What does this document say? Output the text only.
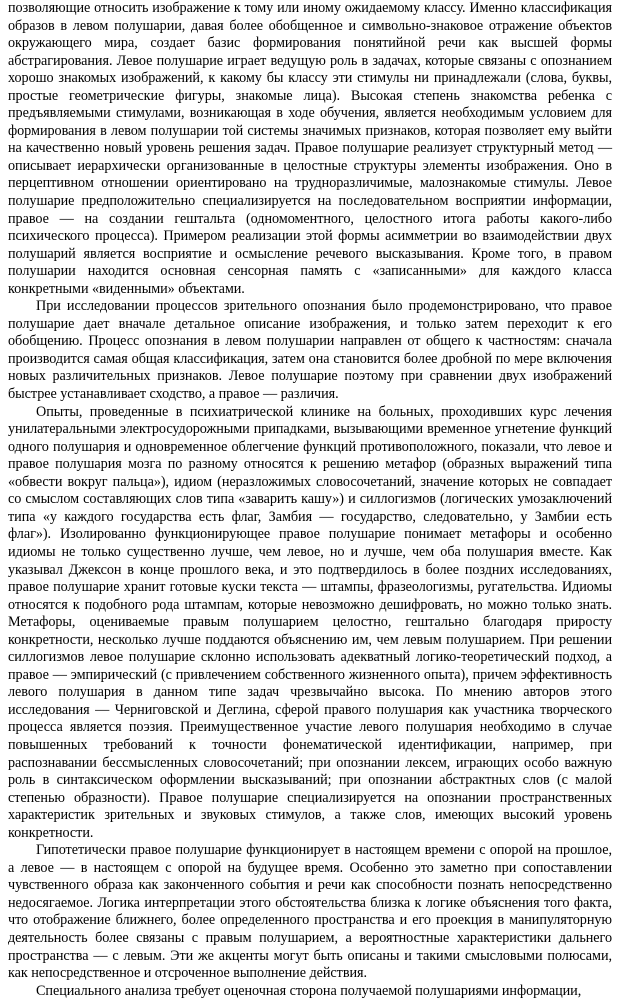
позволяющие относить изображение к тому или иному ожидаемому классу. Именно классификация образов в левом полушарии, давая более обобщенное и символьно-знаковое отражение объектов окружающего мира, создает базис формирования понятийной речи как высшей формы абстрагирования. Левое полушарие играет ведущую роль в задачах, которые связаны с опознанием хорошо знакомых изображений, к какому бы классу эти стимулы ни принадлежали (слова, буквы, простые геометрические фигуры, знакомые лица). Высокая степень знакомства ребенка с предъявляемыми стимулами, возникающая в ходе обучения, является необходимым условием для формирования в левом полушарии той системы значимых признаков, которая позволяет ему выйти на качественно новый уровень решения задач. Правое полушарие реализует структурный метод — описывает иерархически организованные в целостные структуры элементы изображения. Оно в перцептивном отношении ориентировано на трудноразличимые, малознакомые стимулы. Левое полушарие предположительно специализируется на последовательном восприятии информации, правое — на создании гештальта (одномоментного, целостного итога работы какого-либо психического процесса). Примером реализации этой формы асимметрии во взаимодействии двух полушарий является восприятие и осмысление речевого высказывания. Кроме того, в правом полушарии находится основная сенсорная память с «записанными» для каждого класса конкретными «виденными» объектами.

При исследовании процессов зрительного опознания было продемонстрировано, что правое полушарие дает вначале детальное описание изображения, и только затем переходит к его обобщению. Процесс опознания в левом полушарии направлен от общего к частностям: сначала производится самая общая классификация, затем она становится более дробной по мере включения новых различительных признаков. Левое полушарие поэтому при сравнении двух изображений быстрее устанавливает сходство, а правое — различия.

Опыты, проведенные в психиатрической клинике на больных, проходивших курс лечения унилатеральными электросудорожными припадками, вызывающими временное угнетение функций одного полушария и одновременное облегчение функций противоположного, показали, что левое и правое полушария мозга по разному относятся к решению метафор (образных выражений типа «обвести вокруг пальца»), идиом (неразложимых словосочетаний, значение которых не совпадает со смыслом составляющих слов типа «заварить кашу») и силлогизмов (логических умозаключений типа «у каждого государства есть флаг, Замбия — государство, следовательно, у Замбии есть флаг»). Изолированно функционирующее правое полушарие понимает метафоры и особенно идиомы не только существенно лучше, чем левое, но и лучше, чем оба полушария вместе. Как указывал Джексон в конце прошлого века, и это подтвердилось в более поздних исследованиях, правое полушарие хранит готовые куски текста — штампы, фразеологизмы, ругательства. Идиомы относятся к подобного рода штампам, которые невозможно дешифровать, но можно только знать. Метафоры, оцениваемые правым полушарием целостно, гештально благодаря приросту конкретности, несколько лучше поддаются объяснению им, чем левым полушарием. При решении силлогизмов левое полушарие склонно использовать адекватный логико-теоретический подход, а правое — эмпирический (с привлечением собственного жизненного опыта), причем эффективность левого полушария в данном типе задач чрезвычайно высока. По мнению авторов этого исследования — Черниговской и Деглина, сферой правого полушария как участника творческого процесса является поэзия. Преимущественное участие левого полушария необходимо в случае повышенных требований к точности фонематической идентификации, например, при распознавании бессмысленных словосочетаний; при опознании лексем, играющих особо важную роль в синтаксическом оформлении высказываний; при опознании абстрактных слов (с малой степенью образности). Правое полушарие специализируется на опознании пространственных характеристик зрительных и звуковых стимулов, а также слов, имеющих высокий уровень конкретности.

Гипотетически правое полушарие функционирует в настоящем времени с опорой на прошлое, а левое — в настоящем с опорой на будущее время. Особенно это заметно при сопоставлении чувственного образа как законченного события и речи как способности познать непосредственно недосягаемое. Логика интерпретации этого обстоятельства близка к логике объяснения того факта, что отображение ближнего, более определенного пространства и его проекция в манипуляторную деятельность более связаны с правым полушарием, а вероятностные характеристики дальнего пространства — с левым. Эти же акценты могут быть описаны и такими смысловыми полюсами, как непосредственное и отсроченное выполнение действия.

Специального анализа требует оценочная сторона получаемой полушариями информации,
